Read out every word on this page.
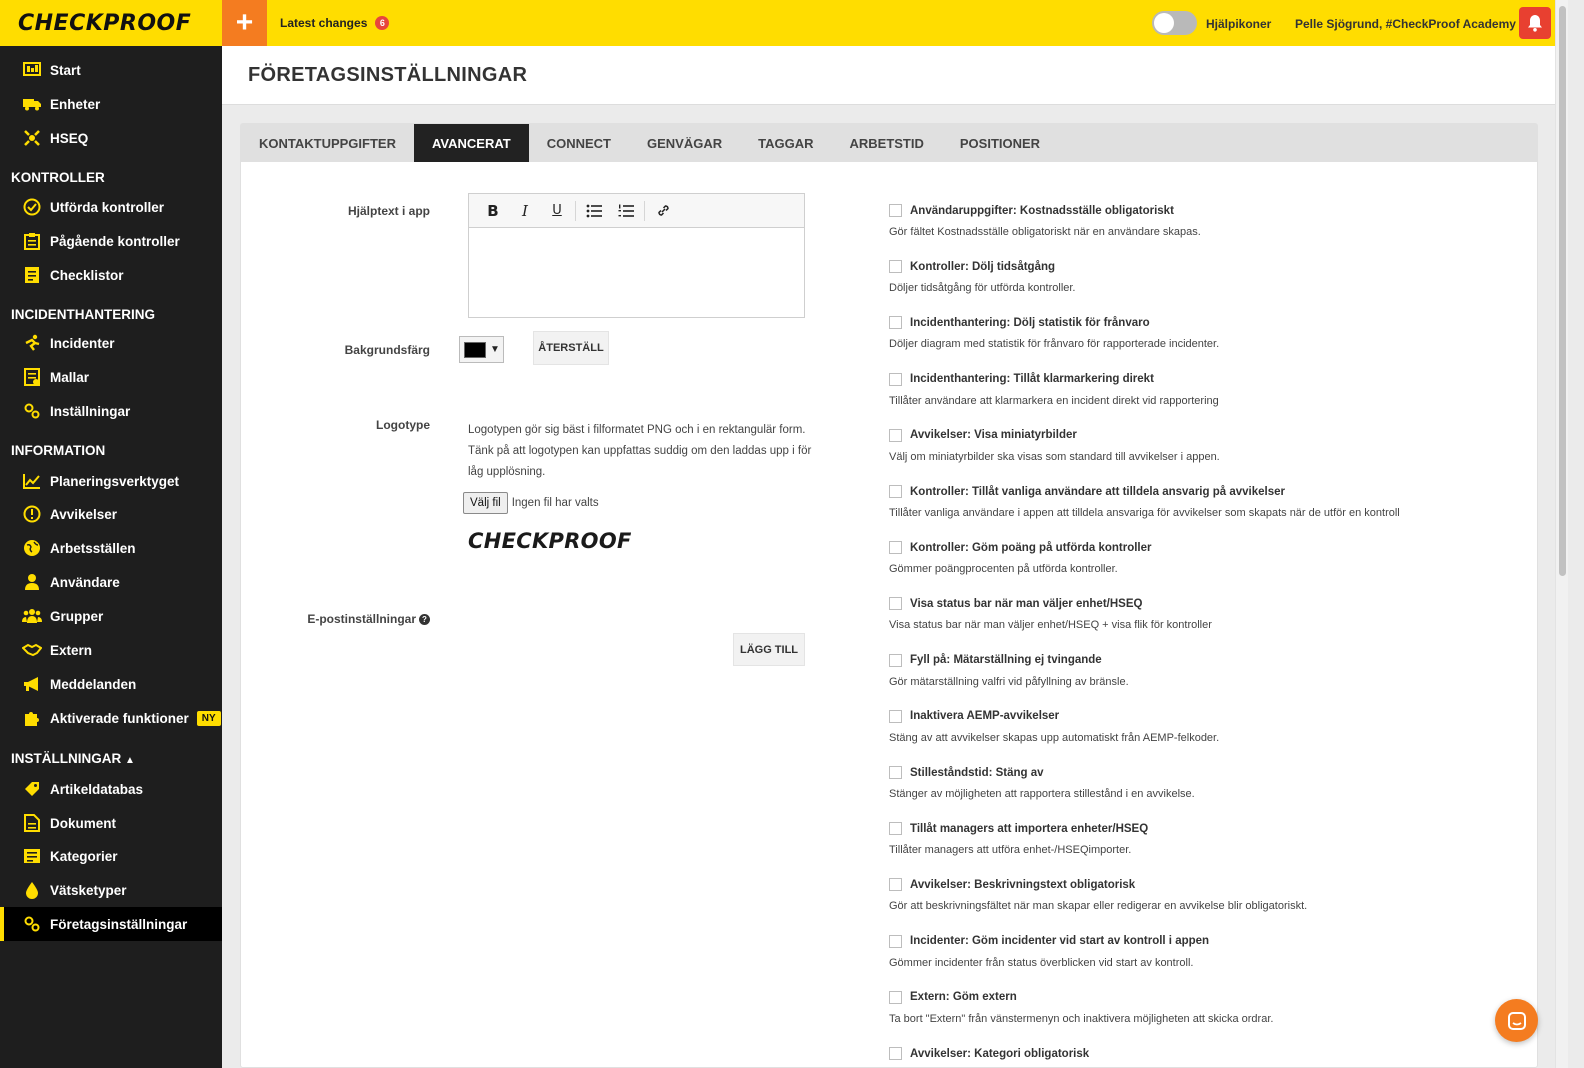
CHECKPROOF + Latest changes	6	Hjälpikoner Pelle Sjögrund, #CheckProof Academy
Start
Enheter
HSEQ
KONTROLLER
Utförda kontroller
Pågående kontroller
Checklistor
INCIDENTHANTERING
Incidenter
Mallar
Inställningar
INFORMATION
Planeringsverktyget
Avvikelser
Arbetsställen
Användare
Grupper
Extern
Meddelanden
Aktiverade funktioner	NY
INSTÄLLNINGAR ▲
Artikeldatabas
Dokument
Kategorier
Vätsketyper
Företagsinställningar
FÖRETAGSINSTÄLLNINGAR
KONTAKTUPPGIFTER	AVANCERAT	CONNECT	GENVÄGAR	TAGGAR	ARBETSTID	POSITIONER
Hjälptext i app	B I U
Bakgrundsfärg	▼	ÅTERSTÄLL
Logotype	Logotypen gör sig bäst i filformatet PNG och i en rektangulär form. Tänk på att logotypen kan uppfattas suddig om den laddas upp i för låg upplösning.
Välj fil Ingen fil har valts
CHECKPROOF
E-postinställningar ?
LÄGG TILL
Användaruppgifter: Kostnadsställe obligatoriskt
Gör fältet Kostnadsställe obligatoriskt när en användare skapas.
Kontroller: Dölj tidsåtgång
Döljer tidsåtgång för utförda kontroller.
Incidenthantering: Dölj statistik för frånvaro
Döljer diagram med statistik för frånvaro för rapporterade incidenter.
Incidenthantering: Tillåt klarmarkering direkt
Tillåter användare att klarmarkera en incident direkt vid rapportering
Avvikelser: Visa miniatyrbilder
Välj om miniatyrbilder ska visas som standard till avvikelser i appen.
Kontroller: Tillåt vanliga användare att tilldela ansvarig på avvikelser
Tillåter vanliga användare i appen att tilldela ansvariga för avvikelser som skapats när de utför en kontroll
Kontroller: Göm poäng på utförda kontroller
Gömmer poängprocenten på utförda kontroller.
Visa status bar när man väljer enhet/HSEQ
Visa status bar när man väljer enhet/HSEQ + visa flik för kontroller
Fyll på: Mätarställning ej tvingande
Gör mätarställning valfri vid påfyllning av bränsle.
Inaktivera AEMP-avvikelser
Stäng av att avvikelser skapas upp automatiskt från AEMP-felkoder.
Stilleståndstid: Stäng av
Stänger av möjligheten att rapportera stillestånd i en avvikelse.
Tillåt managers att importera enheter/HSEQ
Tillåter managers att utföra enhet-/HSEQimporter.
Avvikelser: Beskrivningstext obligatorisk
Gör att beskrivningsfältet när man skapar eller redigerar en avvikelse blir obligatoriskt.
Incidenter: Göm incidenter vid start av kontroll i appen
Gömmer incidenter från status överblicken vid start av kontroll.
Extern: Göm extern
Ta bort "Extern" från vänstermenyn och inaktivera möjligheten att skicka ordrar.
Avvikelser: Kategori obligatorisk
